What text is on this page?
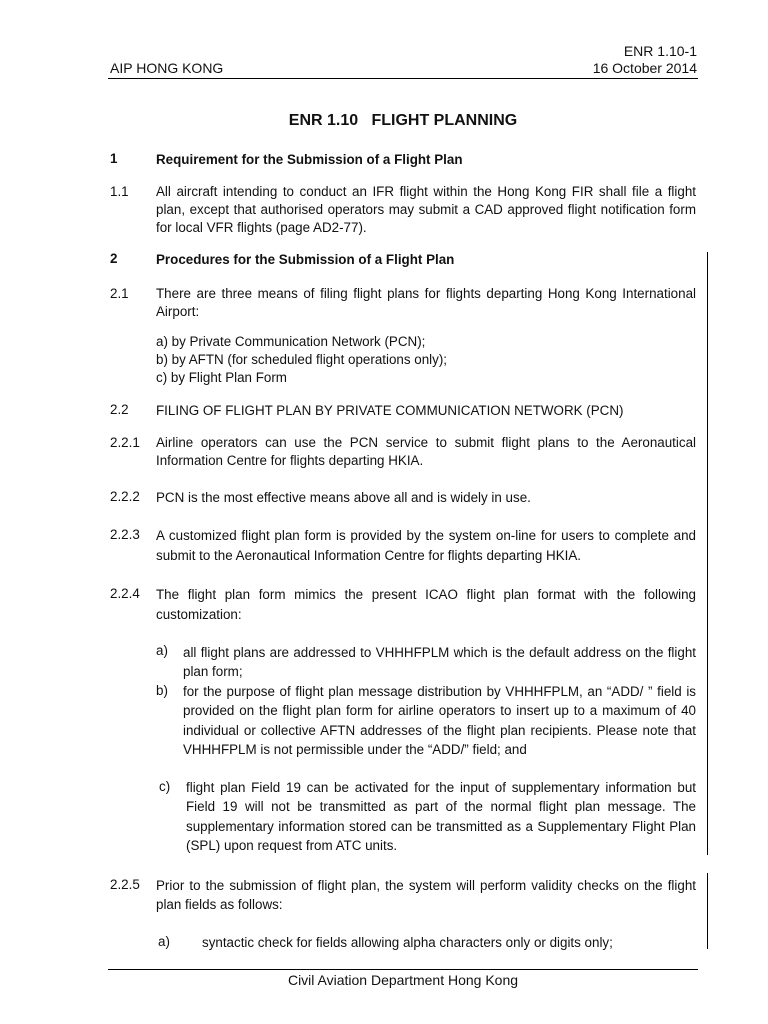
ENR 1.10-1
AIP HONG KONG	16 October 2014
ENR 1.10   FLIGHT PLANNING
1	Requirement for the Submission of a Flight Plan
1.1 All aircraft intending to conduct an IFR flight within the Hong Kong FIR shall file a flight plan, except that authorised operators may submit a CAD approved flight notification form for local VFR flights (page AD2-77).
2	Procedures for the Submission of a Flight Plan
2.1 There are three means of filing flight plans for flights departing Hong Kong International Airport:
a) by Private Communication Network (PCN);
b) by AFTN (for scheduled flight operations only);
c) by Flight Plan Form
2.2 FILING OF FLIGHT PLAN BY PRIVATE COMMUNICATION NETWORK (PCN)
2.2.1 Airline operators can use the PCN service to submit flight plans to the Aeronautical Information Centre for flights departing HKIA.
2.2.2 PCN is the most effective means above all and is widely in use.
2.2.3 A customized flight plan form is provided by the system on-line for users to complete and submit to the Aeronautical Information Centre for flights departing HKIA.
2.2.4 The flight plan form mimics the present ICAO flight plan format with the following customization:
a) all flight plans are addressed to VHHHFPLM which is the default address on the flight plan form;
b) for the purpose of flight plan message distribution by VHHHFPLM, an “ADD/ ” field is provided on the flight plan form for airline operators to insert up to a maximum of 40 individual or collective AFTN addresses of the flight plan recipients. Please note that VHHHFPLM is not permissible under the “ADD/” field; and
c) flight plan Field 19 can be activated for the input of supplementary information but Field 19 will not be transmitted as part of the normal flight plan message. The supplementary information stored can be transmitted as a Supplementary Flight Plan (SPL) upon request from ATC units.
2.2.5 Prior to the submission of flight plan, the system will perform validity checks on the flight plan fields as follows:
a) syntactic check for fields allowing alpha characters only or digits only;
Civil Aviation Department Hong Kong
